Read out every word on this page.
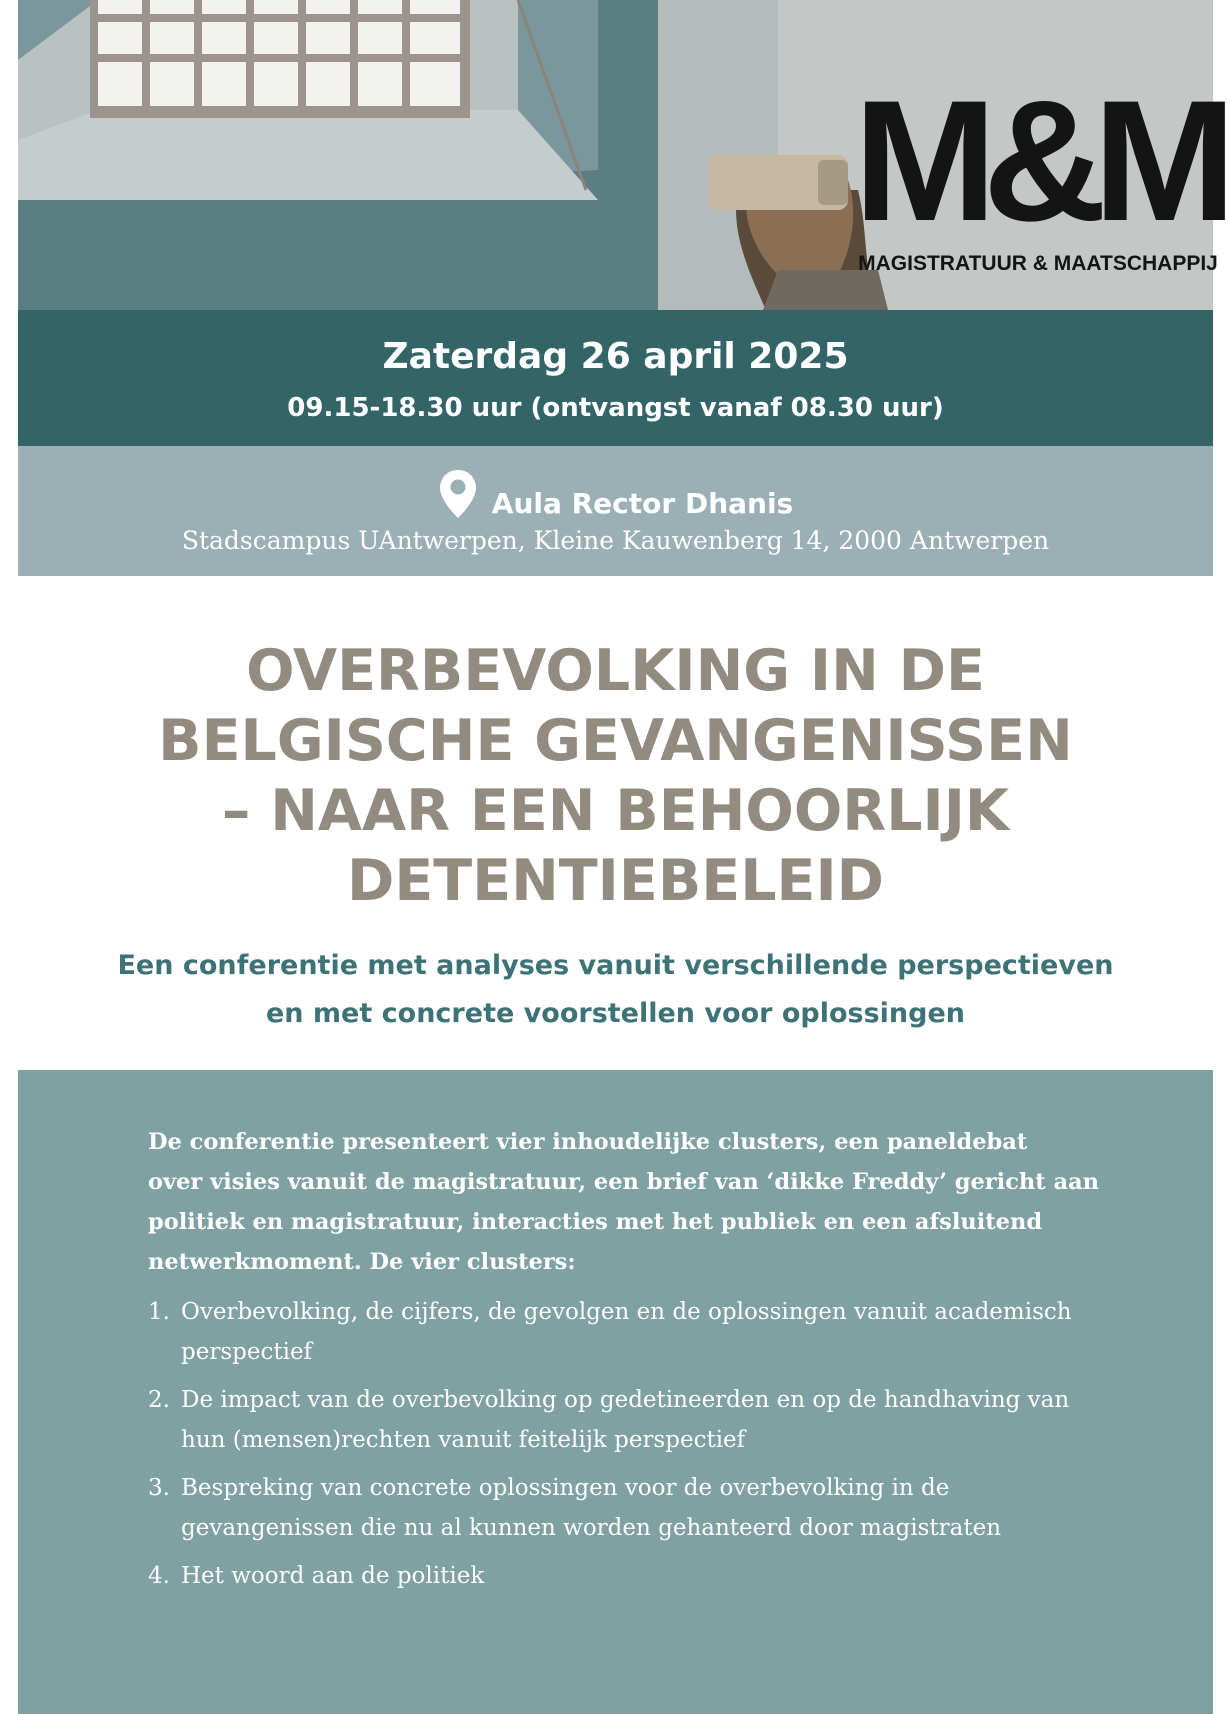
M&M
MAGISTRATUUR & MAATSCHAPPIJ
Zaterdag 26 april 2025
09.15-18.30 uur (ontvangst vanaf 08.30 uur)
Aula Rector Dhanis
Stadscampus UAntwerpen, Kleine Kauwenberg 14, 2000 Antwerpen
OVERBEVOLKING IN DE
BELGISCHE GEVANGENISSEN
– NAAR EEN BEHOORLIJK
DETENTIEBELEID
Een conferentie met analyses vanuit verschillende perspectieven
en met concrete voorstellen voor oplossingen
De conferentie presenteert vier inhoudelijke clusters, een paneldebat
over visies vanuit de magistratuur, een brief van ‘dikke Freddy’ gericht aan
politiek en magistratuur, interacties met het publiek en een afsluitend
netwerkmoment. De vier clusters:
1. Overbevolking, de cijfers, de gevolgen en de oplossingen vanuit academisch
perspectief
2. De impact van de overbevolking op gedetineerden en op de handhaving van
hun (mensen)rechten vanuit feitelijk perspectief
3. Bespreking van concrete oplossingen voor de overbevolking in de
gevangenissen die nu al kunnen worden gehanteerd door magistraten
4. Het woord aan de politiek
